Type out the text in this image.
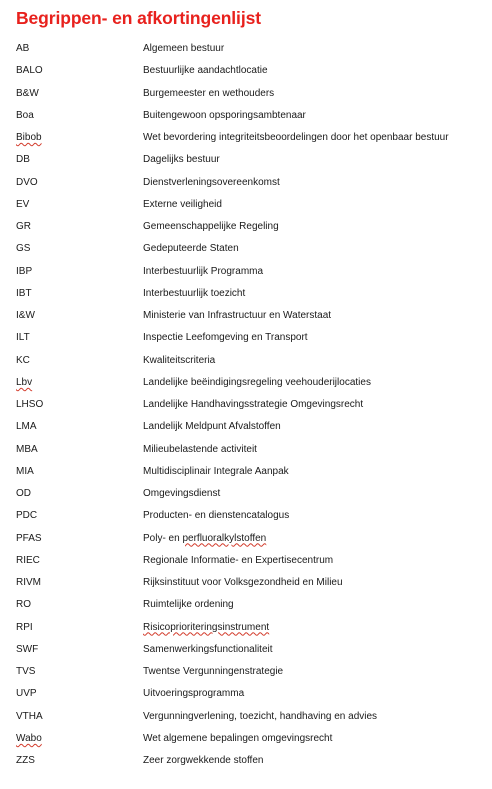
Begrippen- en afkortingenlijst
AB	Algemeen bestuur
BALO	Bestuurlijke aandachtlocatie
B&W	Burgemeester en wethouders
Boa	Buitengewoon opsporingsambtenaar
Bibob	Wet bevordering integriteitsbeoordelingen door het openbaar bestuur
DB	Dagelijks bestuur
DVO	Dienstverleningsovereenkomst
EV	Externe veiligheid
GR	Gemeenschappelijke Regeling
GS	Gedeputeerde Staten
IBP	Interbestuurlijk Programma
IBT	Interbestuurlijk toezicht
I&W	Ministerie van Infrastructuur en Waterstaat
ILT	Inspectie Leefomgeving en Transport
KC	Kwaliteitscriteria
Lbv	Landelijke beëindigingsregeling veehouderijlocaties
LHSO	Landelijke Handhavingsstrategie Omgevingsrecht
LMA	Landelijk Meldpunt Afvalstoffen
MBA	Milieubelastende activiteit
MIA	Multidisciplinair Integrale Aanpak
OD	Omgevingsdienst
PDC	Producten- en dienstencatalogus
PFAS	Poly- en perfluoralkylstoffen
RIEC	Regionale Informatie- en Expertisecentrum
RIVM	Rijksinstituut voor Volksgezondheid en Milieu
RO	Ruimtelijke ordening
RPI	Risicoprioriteringsinstrument
SWF	Samenwerkingsfunctionaliteit
TVS	Twentse Vergunningenstrategie
UVP	Uitvoeringsprogramma
VTHA	Vergunningverlening, toezicht, handhaving en advies
Wabo	Wet algemene bepalingen omgevingsrecht
ZZS	Zeer zorgwekkende stoffen
